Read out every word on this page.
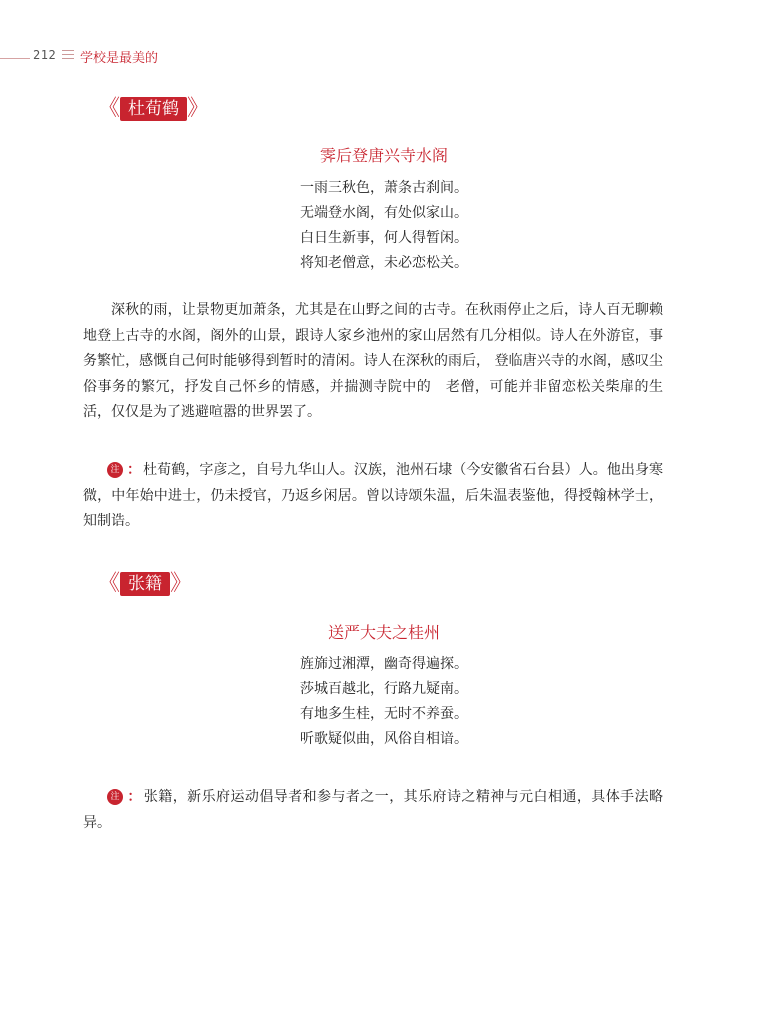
212 学校是最美的
《 杜荀鹤 》
霁后登唐兴寺水阁
一雨三秋色，萧条古刹间。
无端登水阁，有处似家山。
白日生新事，何人得暂闲。
将知老僧意，未必恋松关。
深秋的雨，让景物更加萧条，尤其是在山野之间的古寺。在秋雨停止之后，诗人百无聊赖地登上古寺的水阁，阁外的山景，跟诗人家乡池州的家山居然有几分相似。诗人在外游宦，事务繁忙，感慨自己何时能够得到暂时的清闲。诗人在深秋的雨后， 登临唐兴寺的水阁，感叹尘俗事务的繁冗，抒发自己怀乡的情感，并揣测寺院中的　老僧，可能并非留恋松关柴扉的生活，仅仅是为了逃避喧嚣的世界罢了。
注 ： 杜荀鹤，字彦之，自号九华山人。汉族，池州石埭（今安徽省石台县）人。他出身寒微，中年始中进士，仍未授官，乃返乡闲居。曾以诗颂朱温，后朱温表鉴他，得授翰林学士，知制诰。
《 张籍 》
送严大夫之桂州
旌旆过湘潭，幽奇得遍探。
莎城百越北，行路九疑南。
有地多生桂，无时不养蚕。
听歌疑似曲，风俗自相谙。
注 ： 张籍，新乐府运动倡导者和参与者之一，其乐府诗之精神与元白相通，具体手法略异。
